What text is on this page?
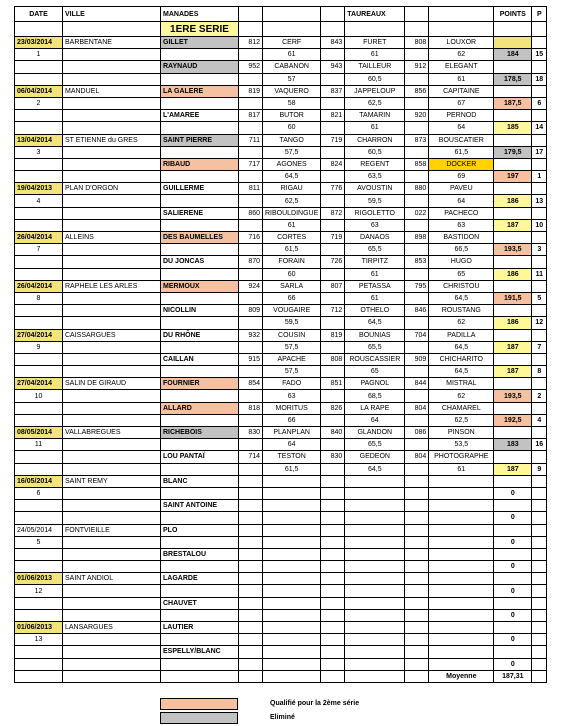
DATE	VILLE	MANADES				TAUREAUX			POINTS	P
		1ERE SERIE								
23/03/2014	BARBENTANE	GILLET	812	CERF	843	FURET	808	LOUXOR		
1				61		61		62	184	15
		RAYNAUD	952	CABANON	943	TAILLEUR	912	ELEGANT		
				57		60,5		61	178,5	18
06/04/2014	MANDUEL	LA GALERE	819	VAQUERO	837	JAPPELOUP	856	CAPITAINE		
2				58		62,5		67	187,5	6
		L'AMAREE	817	BUTOR	821	TAMARIN	920	PERNOD		
				60		61		64	185	14
13/04/2014	ST ETIENNE du GRES	SAINT PIERRE	711	TANGO	719	CHARRON	873	BOUSCATIER		
3				57,5		60,5		61,5	179,5	17
		RIBAUD	717	AGONES	824	REGENT	858	DOCKER		
				64,5		63,5		69	197	1
19/04/2013	PLAN D'ORGON	GUILLERME	811	RIGAU	776	AVOUSTIN	880	PAVEU		
4				62,5		59,5		64	186	13
		SALIERENE	860	RIBOULDINGUE	872	RIGOLETTO	022	PACHECO		
				61		63		63	187	10
26/04/2014	ALLEINS	DES BAUMELLES	716	CORTES	719	DANAOS	898	BASTIDON		
7				61,5		65,5		66,5	193,5	3
		DU JONCAS	870	FORAIN	726	TIRPITZ	853	HUGO		
				60		61		65	186	11
26/04/2014	RAPHELE LES ARLES	MERMOUX	924	SARLA	807	PETASSA	795	CHRISTOU		
8				66		61		64,5	191,5	5
		NICOLLIN	809	VOUGAIRE	712	OTHELO	846	ROUSTANG		
				59,5		64,5		62	186	12
27/04/2014	CAISSARGUES	DU RHÔNE	932	COUSIN	819	BOUNIAS	704	PADILLA		
9				57,5		65,5		64,5	187	7
		CAILLAN	915	APACHE	808	ROUSCASSIER	909	CHICHARITO		
				57,5		65		64,5	187	8
27/04/2014	SALIN DE GIRAUD	FOURNIER	854	FADO	851	PAGNOL	844	MISTRAL		
10				63		68,5		62	193,5	2
		ALLARD	818	MORITUS	826	LA RAPE	804	CHAMAREL		
				66		64		62,5	192,5	4
08/05/2014	VALLABREGUES	RICHEBOIS	830	PLANPLAN	840	GLANDON	086	PINSON		
11				64		65,5		53,5	183	16
		LOU PANTAÏ	714	TESTON	830	GEDEON	804	PHOTOGRAPHE		
				61,5		64,5		61	187	9
16/05/2014	SAINT REMY	BLANC								
6									0	
		SAINT ANTOINE								
									0	
24/05/2014	FONTVIEILLE	PLO								
5									0	
		BRESTALOU								
									0	
01/06/2013	SAINT ANDIOL	LAGARDE								
12									0	
		CHAUVET								
									0	
01/06/2013	LANSARGUES	LAUTIER								
13									0	
		ESPELLY/BLANC								
									0	
								Moyenne	187,31	
Qualifié pour la 2ème série
Eliminé
